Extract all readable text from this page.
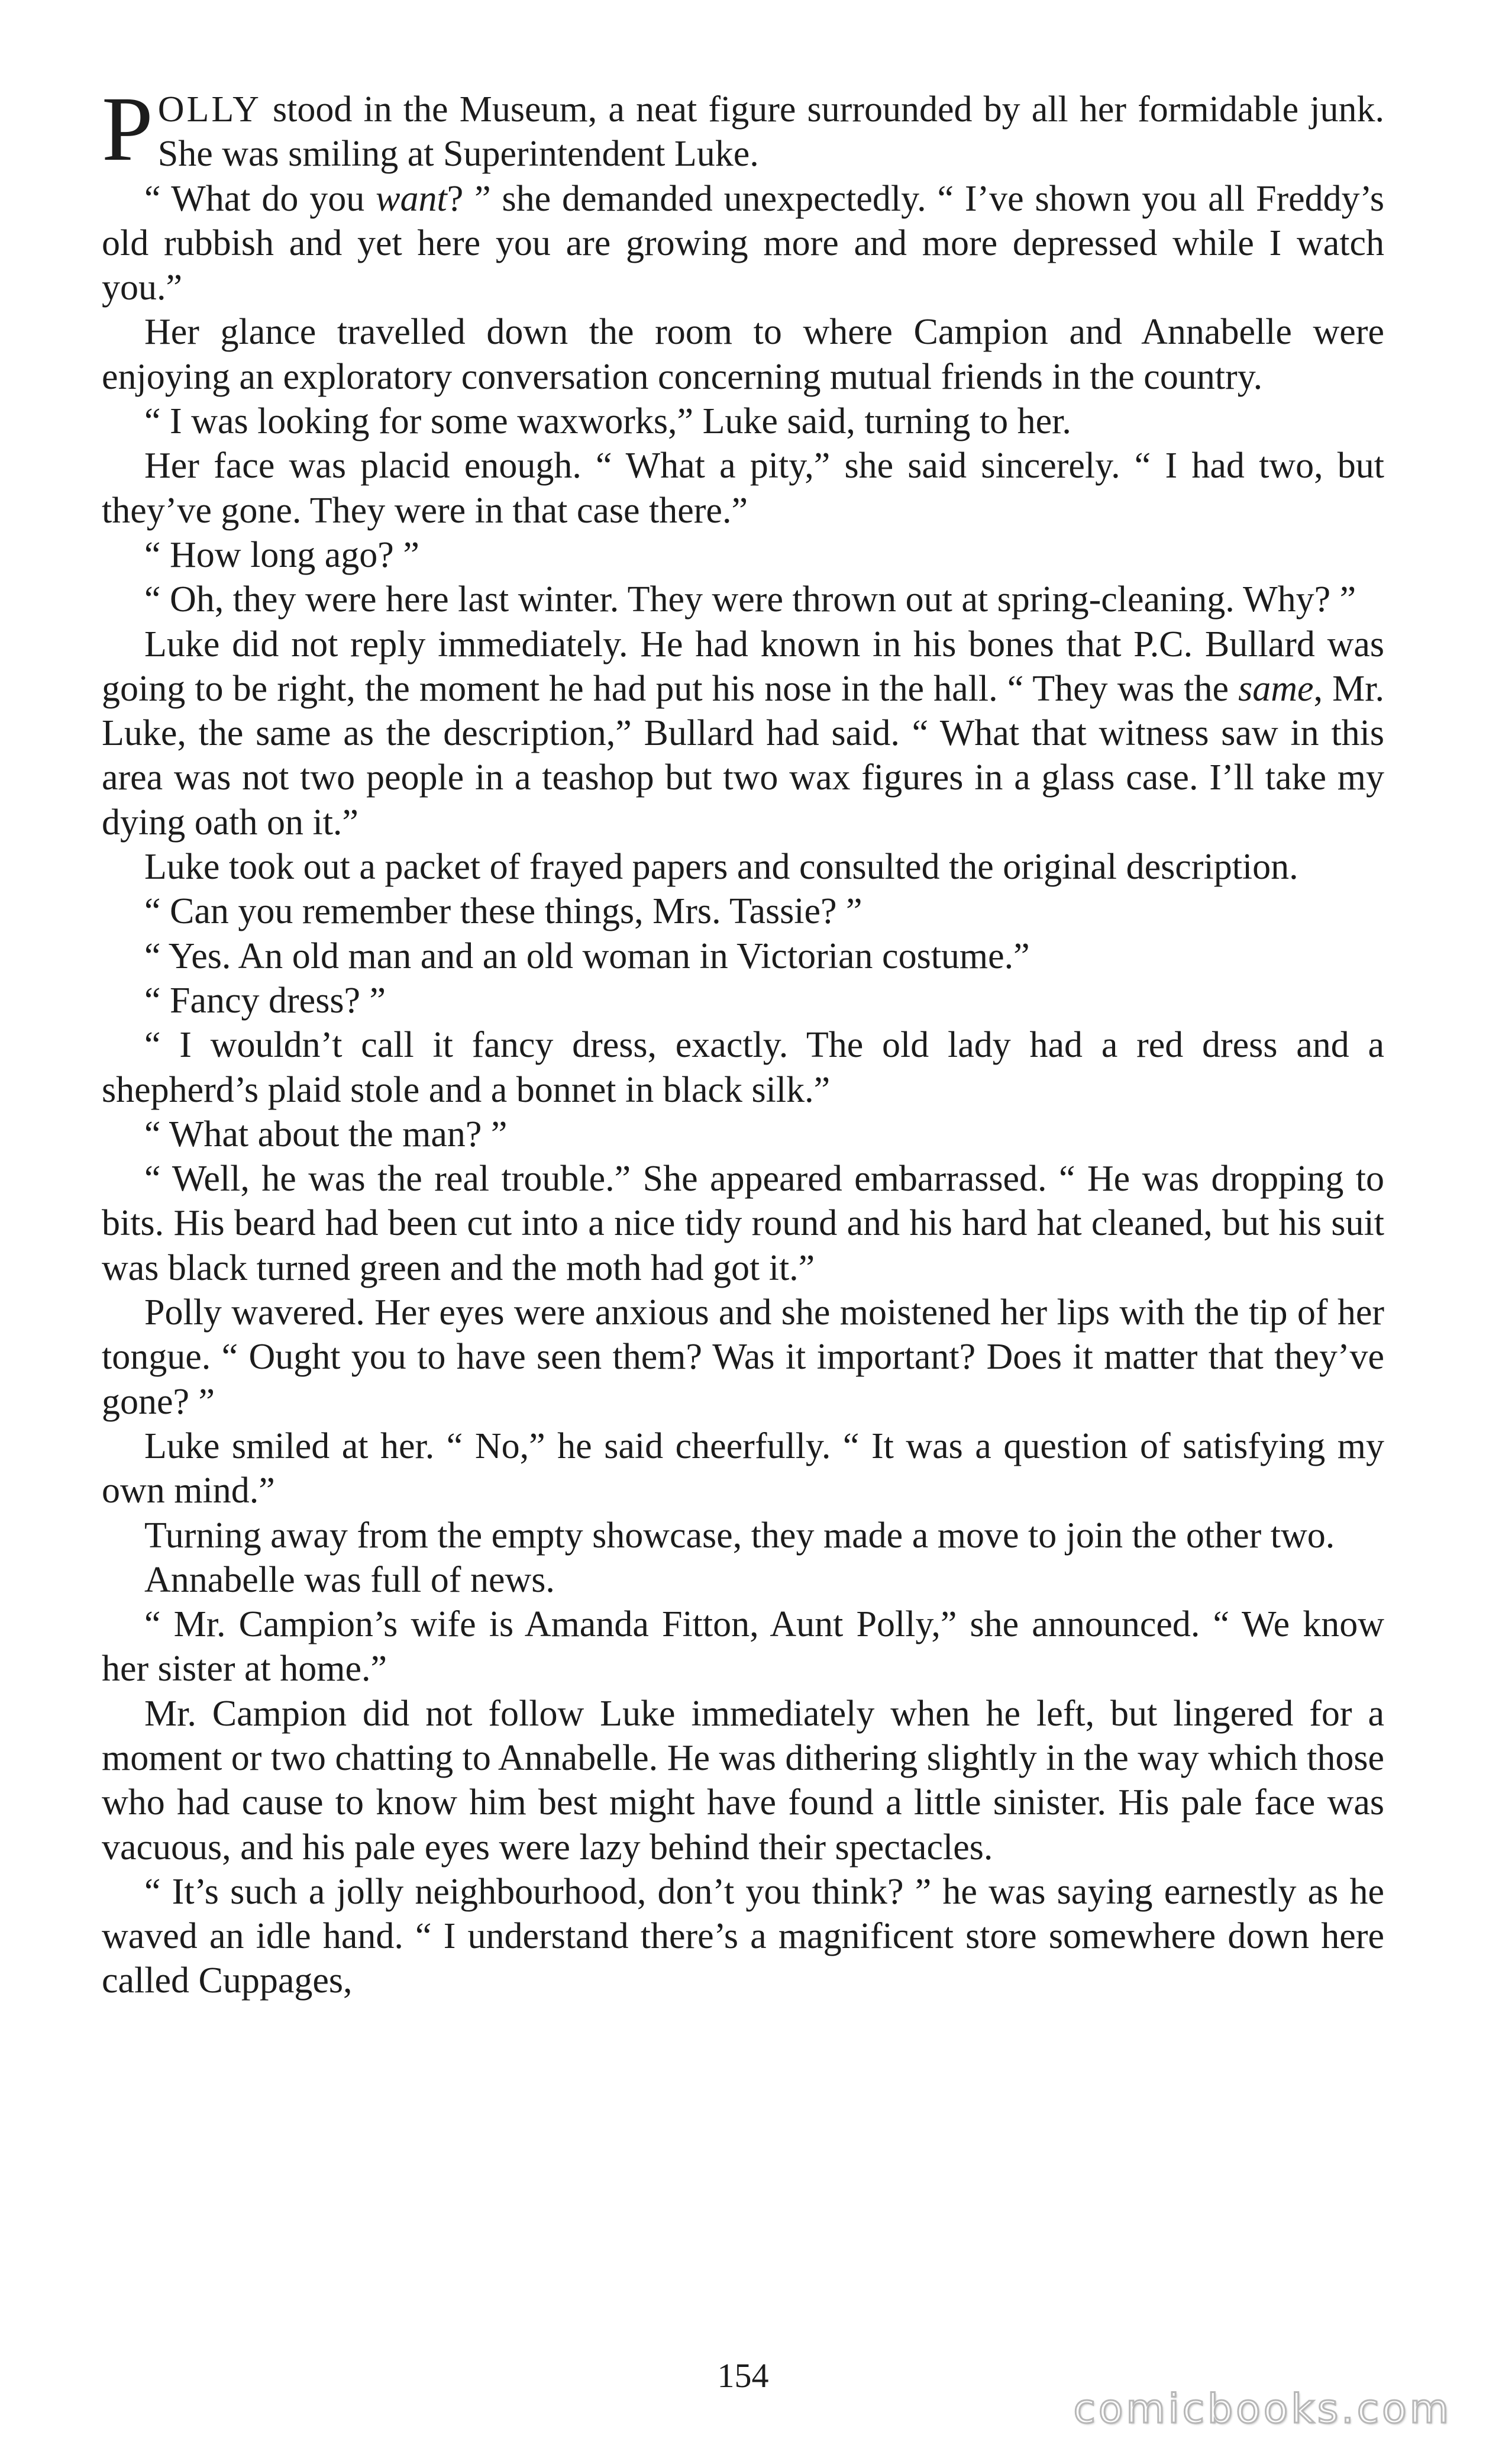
POLLY stood in the Museum, a neat figure surrounded by all her formidable junk. She was smiling at Superintendent Luke.

“ What do you want? ” she demanded unexpectedly. “ I’ve shown you all Freddy’s old rubbish and yet here you are growing more and more depressed while I watch you.”

Her glance travelled down the room to where Campion and Annabelle were enjoying an exploratory conversation concerning mutual friends in the country.

“ I was looking for some waxworks,” Luke said, turning to her.

Her face was placid enough. “ What a pity,” she said sincerely. “ I had two, but they’ve gone. They were in that case there.”

“ How long ago? ”

“ Oh, they were here last winter. They were thrown out at spring-cleaning. Why? ”

Luke did not reply immediately. He had known in his bones that P.C. Bullard was going to be right, the moment he had put his nose in the hall. “ They was the same, Mr. Luke, the same as the description,” Bullard had said. “ What that witness saw in this area was not two people in a teashop but two wax figures in a glass case. I’ll take my dying oath on it.”

Luke took out a packet of frayed papers and consulted the original description.

“ Can you remember these things, Mrs. Tassie? ”

“ Yes. An old man and an old woman in Victorian costume.”

“ Fancy dress? ”

“ I wouldn’t call it fancy dress, exactly. The old lady had a red dress and a shepherd’s plaid stole and a bonnet in black silk.”

“ What about the man? ”

“ Well, he was the real trouble.” She appeared embarrassed. “ He was dropping to bits. His beard had been cut into a nice tidy round and his hard hat cleaned, but his suit was black turned green and the moth had got it.”

Polly wavered. Her eyes were anxious and she moistened her lips with the tip of her tongue. “ Ought you to have seen them? Was it important? Does it matter that they’ve gone? ”

Luke smiled at her. “ No,” he said cheerfully. “ It was a question of satisfying my own mind.”

Turning away from the empty showcase, they made a move to join the other two.

Annabelle was full of news.

“ Mr. Campion’s wife is Amanda Fitton, Aunt Polly,” she announced. “ We know her sister at home.”

Mr. Campion did not follow Luke immediately when he left, but lingered for a moment or two chatting to Annabelle. He was dithering slightly in the way which those who had cause to know him best might have found a little sinister. His pale face was vacuous, and his pale eyes were lazy behind their spectacles.

“ It’s such a jolly neighbourhood, don’t you think? ” he was saying earnestly as he waved an idle hand. “ I understand there’s a magnificent store somewhere down here called Cuppages,

154
comicbooks.com
